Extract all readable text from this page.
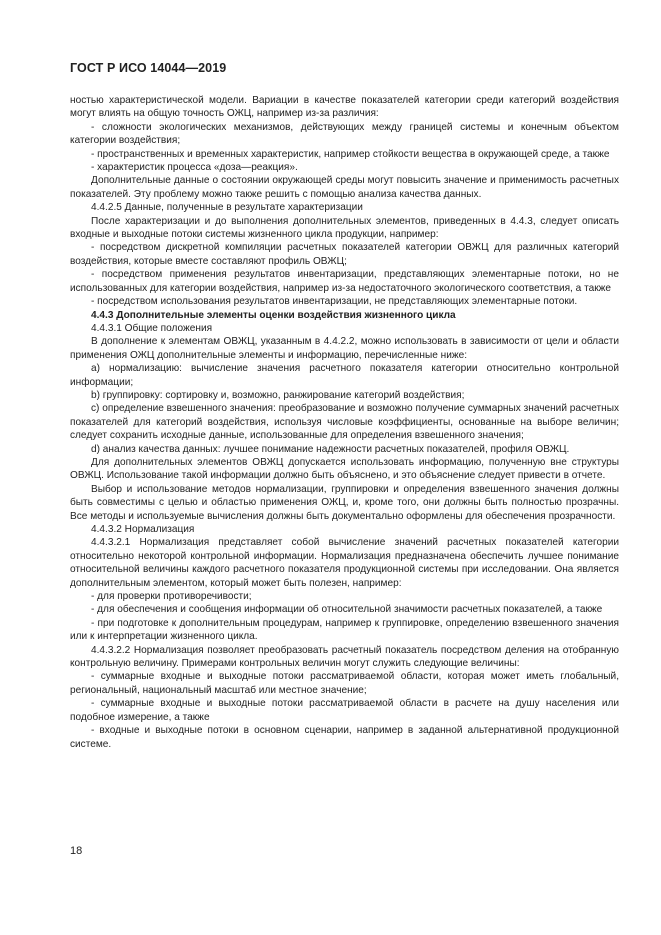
ГОСТ Р ИСО 14044—2019

ностью характеристической модели. Вариации в качестве показателей категории среди категорий воздействия могут влиять на общую точность ОЖЦ, например из-за различия:

- сложности экологических механизмов, действующих между границей системы и конечным объектом категории воздействия;

- пространственных и временных характеристик, например стойкости вещества в окружающей среде, а также

- характеристик процесса «доза—реакция».

Дополнительные данные о состоянии окружающей среды могут повысить значение и применимость расчетных показателей. Эту проблему можно также решить с помощью анализа качества данных.

4.4.2.5 Данные, полученные в результате характеризации

После характеризации и до выполнения дополнительных элементов, приведенных в 4.4.3, следует описать входные и выходные потоки системы жизненного цикла продукции, например:

- посредством дискретной компиляции расчетных показателей категории ОВЖЦ для различных категорий воздействия, которые вместе составляют профиль ОВЖЦ;

- посредством применения результатов инвентаризации, представляющих элементарные потоки, но не использованных для категории воздействия, например из-за недостаточного экологического соответствия, а также

- посредством использования результатов инвентаризации, не представляющих элементарные потоки.

4.4.3 Дополнительные элементы оценки воздействия жизненного цикла

4.4.3.1 Общие положения

В дополнение к элементам ОВЖЦ, указанным в 4.4.2.2, можно использовать в зависимости от цели и области применения ОЖЦ дополнительные элементы и информацию, перечисленные ниже:

а) нормализацию: вычисление значения расчетного показателя категории относительно контрольной информации;

b) группировку: сортировку и, возможно, ранжирование категорий воздействия;

с) определение взвешенного значения: преобразование и возможно получение суммарных значений расчетных показателей для категорий воздействия, используя числовые коэффициенты, основанные на выборе величин; следует сохранить исходные данные, использованные для определения взвешенного значения;

d) анализ качества данных: лучшее понимание надежности расчетных показателей, профиля ОВЖЦ.

Для дополнительных элементов ОВЖЦ допускается использовать информацию, полученную вне структуры ОВЖЦ. Использование такой информации должно быть объяснено, и это объяснение следует привести в отчете.

Выбор и использование методов нормализации, группировки и определения взвешенного значения должны быть совместимы с целью и областью применения ОЖЦ, и, кроме того, они должны быть полностью прозрачны. Все методы и используемые вычисления должны быть документально оформлены для обеспечения прозрачности.

4.4.3.2 Нормализация

4.4.3.2.1 Нормализация представляет собой вычисление значений расчетных показателей категории относительно некоторой контрольной информации. Нормализация предназначена обеспечить лучшее понимание относительной величины каждого расчетного показателя продукционной системы при исследовании. Она является дополнительным элементом, который может быть полезен, например:

- для проверки противоречивости;

- для обеспечения и сообщения информации об относительной значимости расчетных показателей, а также

- при подготовке к дополнительным процедурам, например к группировке, определению взвешенного значения или к интерпретации жизненного цикла.

4.4.3.2.2 Нормализация позволяет преобразовать расчетный показатель посредством деления на отобранную контрольную величину. Примерами контрольных величин могут служить следующие величины:

- суммарные входные и выходные потоки рассматриваемой области, которая может иметь глобальный, региональный, национальный масштаб или местное значение;

- суммарные входные и выходные потоки рассматриваемой области в расчете на душу населения или подобное измерение, а также

- входные и выходные потоки в основном сценарии, например в заданной альтернативной продукционной системе.

18
